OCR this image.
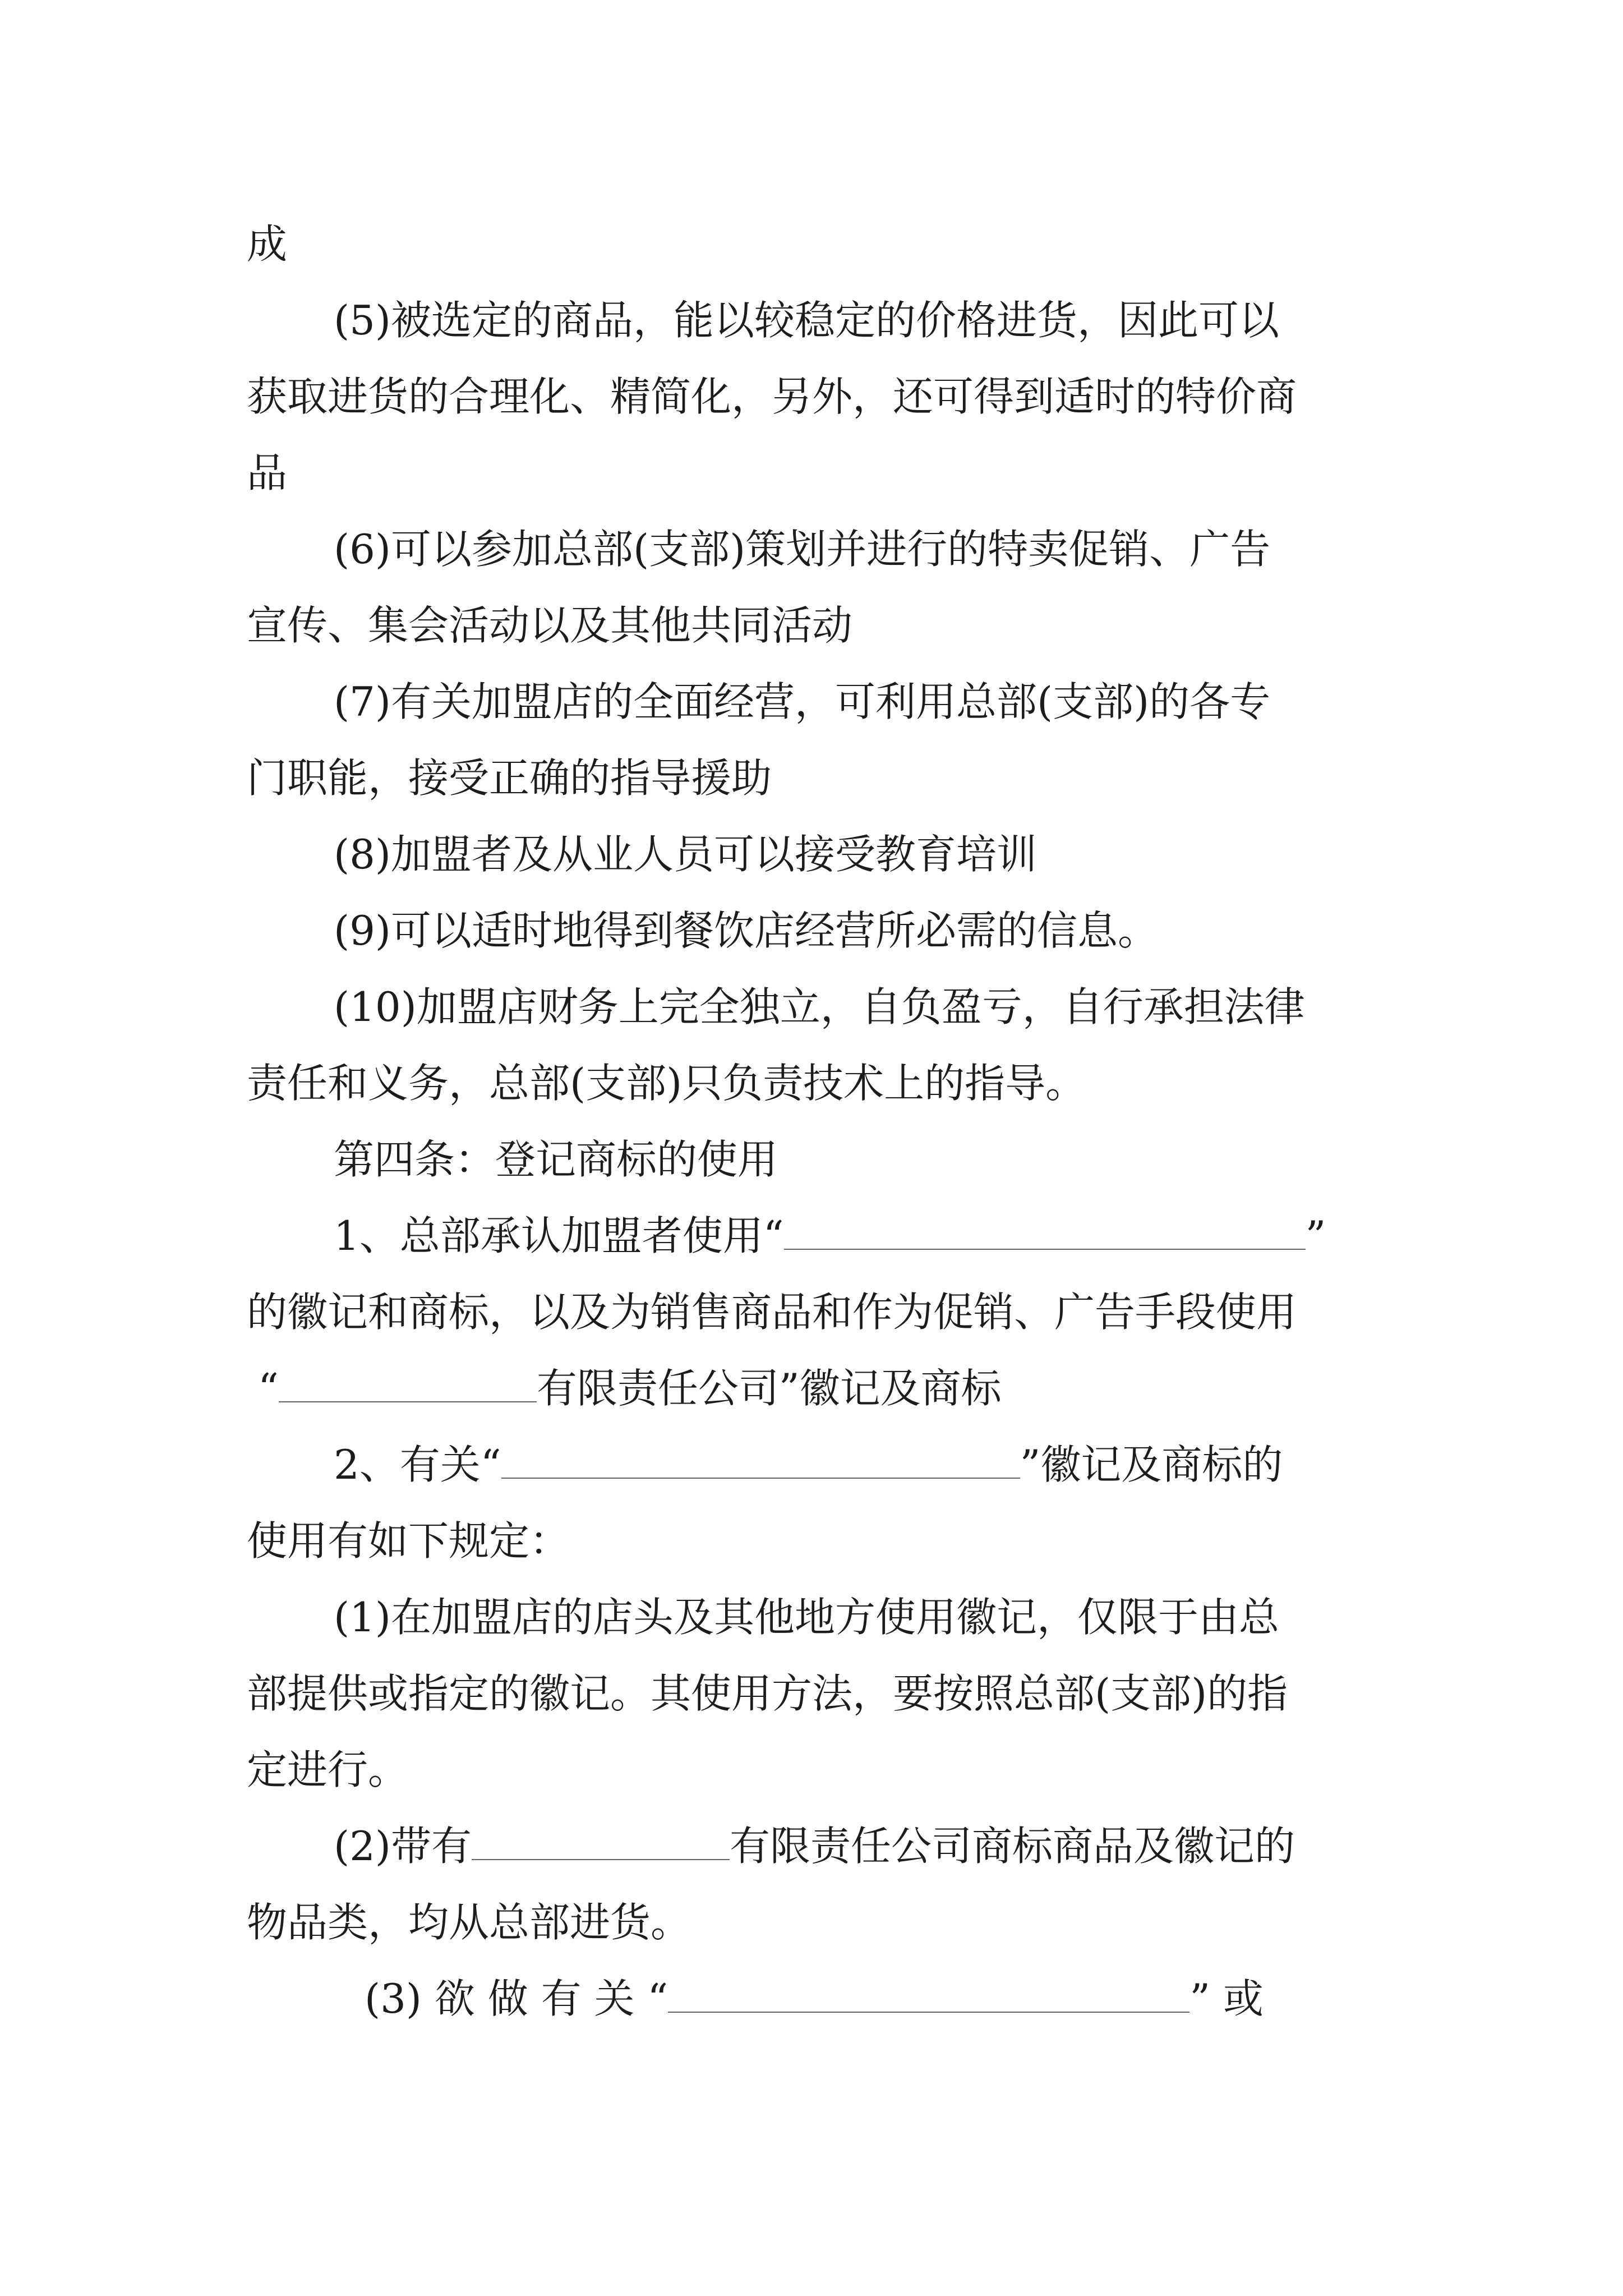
成
(5)被选定的商品，能以较稳定的价格进货，因此可以
获取进货的合理化、精简化，另外，还可得到适时的特价商
品
(6)可以参加总部(支部)策划并进行的特卖促销、广告
宣传、集会活动以及其他共同活动
(7)有关加盟店的全面经营，可利用总部(支部)的各专
门职能，接受正确的指导援助
(8)加盟者及从业人员可以接受教育培训
(9)可以适时地得到餐饮店经营所必需的信息。
(10)加盟店财务上完全独立，自负盈亏，自行承担法律
责任和义务，总部(支部)只负责技术上的指导。
第四条：登记商标的使用
1、总部承认加盟者使用“	”
的徽记和商标，以及为销售商品和作为促销、广告手段使用
“	有限责任公司”徽记及商标
2、有关“	”徽记及商标的
使用有如下规定：
(1)在加盟店的店头及其他地方使用徽记，仅限于由总
部提供或指定的徽记。其使用方法，要按照总部(支部)的指
定进行。
(2)带有	有限责任公司商标商品及徽记的
物品类，均从总部进货。
(3) 欲 做 有 关 “	” 或
